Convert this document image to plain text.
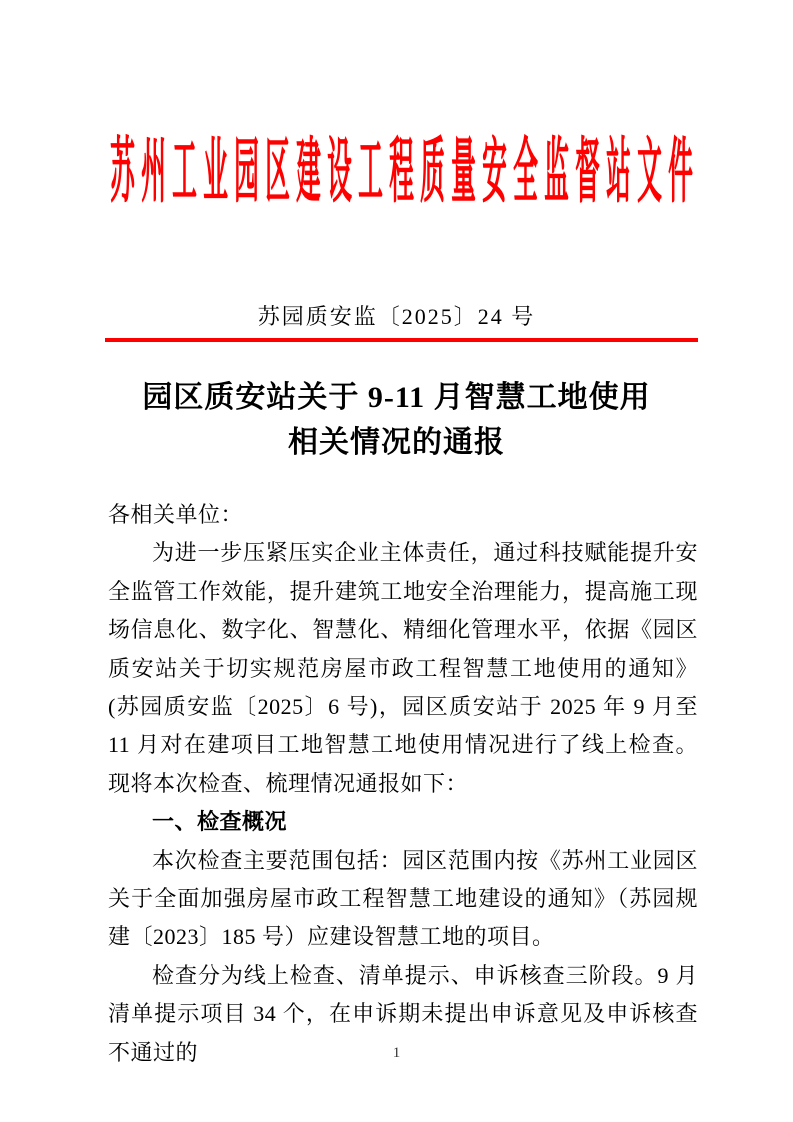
苏 州 工 业 园 区 建 设 工 程 质 量 安 全 监 督 站 文 件
苏园质安监〔2025〕24 号
园区质安站关于 9-11 月智慧工地使用
相关情况的通报

各相关单位：

为进一步压紧压实企业主体责任，通过科技赋能提升安全监管工作效能，提升建筑工地安全治理能力，提高施工现场信息化、数字化、智慧化、精细化管理水平，依据《园区质安站关于切实规范房屋市政工程智慧工地使用的通知》(苏园质安监〔2025〕6 号)，园区质安站于 2025 年 9 月至 11 月对在建项目工地智慧工地使用情况进行了线上检查。现将本次检查、梳理情况通报如下：

一、检查概况

本次检查主要范围包括：园区范围内按《苏州工业园区关于全面加强房屋市政工程智慧工地建设的通知》（苏园规建〔2023〕185 号）应建设智慧工地的项目。

检查分为线上检查、清单提示、申诉核查三阶段。9 月清单提示项目 34 个，在申诉期未提出申诉意见及申诉核查不通过的	1
